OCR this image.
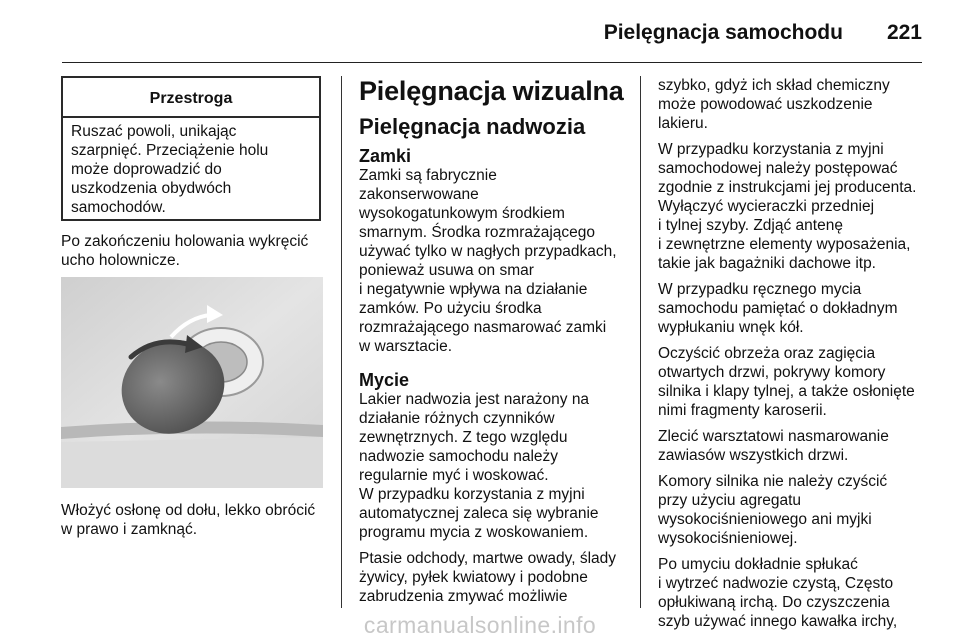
Pielęgnacja samochodu 221
Przestroga
Ruszać powoli, unikając
szarpnięć. Przeciążenie holu
może doprowadzić do
uszkodzenia obydwóch
samochodów.
Po zakończeniu holowania wykręcić
ucho holownicze.
Włożyć osłonę od dołu, lekko obrócić
w prawo i zamknąć.
Pielęgnacja wizualna
Pielęgnacja nadwozia
Zamki
Zamki są fabrycznie
zakonserwowane
wysokogatunkowym środkiem
smarnym. Środka rozmrażającego
używać tylko w nagłych przypadkach,
ponieważ usuwa on smar
i negatywnie wpływa na działanie
zamków. Po użyciu środka
rozmrażającego nasmarować zamki
w warsztacie.
Mycie
Lakier nadwozia jest narażony na
działanie różnych czynników
zewnętrznych. Z tego względu
nadwozie samochodu należy
regularnie myć i woskować.
W przypadku korzystania z myjni
automatycznej zaleca się wybranie
programu mycia z woskowaniem.
Ptasie odchody, martwe owady, ślady
żywicy, pyłek kwiatowy i podobne
zabrudzenia zmywać możliwie
szybko, gdyż ich skład chemiczny
może powodować uszkodzenie
lakieru.
W przypadku korzystania z myjni
samochodowej należy postępować
zgodnie z instrukcjami jej producenta.
Wyłączyć wycieraczki przedniej
i tylnej szyby. Zdjąć antenę
i zewnętrzne elementy wyposażenia,
takie jak bagażniki dachowe itp.
W przypadku ręcznego mycia
samochodu pamiętać o dokładnym
wypłukaniu wnęk kół.
Oczyścić obrzeża oraz zagięcia
otwartych drzwi, pokrywy komory
silnika i klapy tylnej, a także osłonięte
nimi fragmenty karoserii.
Zlecić warsztatowi nasmarowanie
zawiasów wszystkich drzwi.
Komory silnika nie należy czyścić
przy użyciu agregatu
wysokociśnieniowego ani myjki
wysokociśnieniowej.
Po umyciu dokładnie spłukać
i wytrzeć nadwozie czystą, Często
opłukiwaną irchą. Do czyszczenia
szyb używać innego kawałka irchy,
carmanualsonline.info
